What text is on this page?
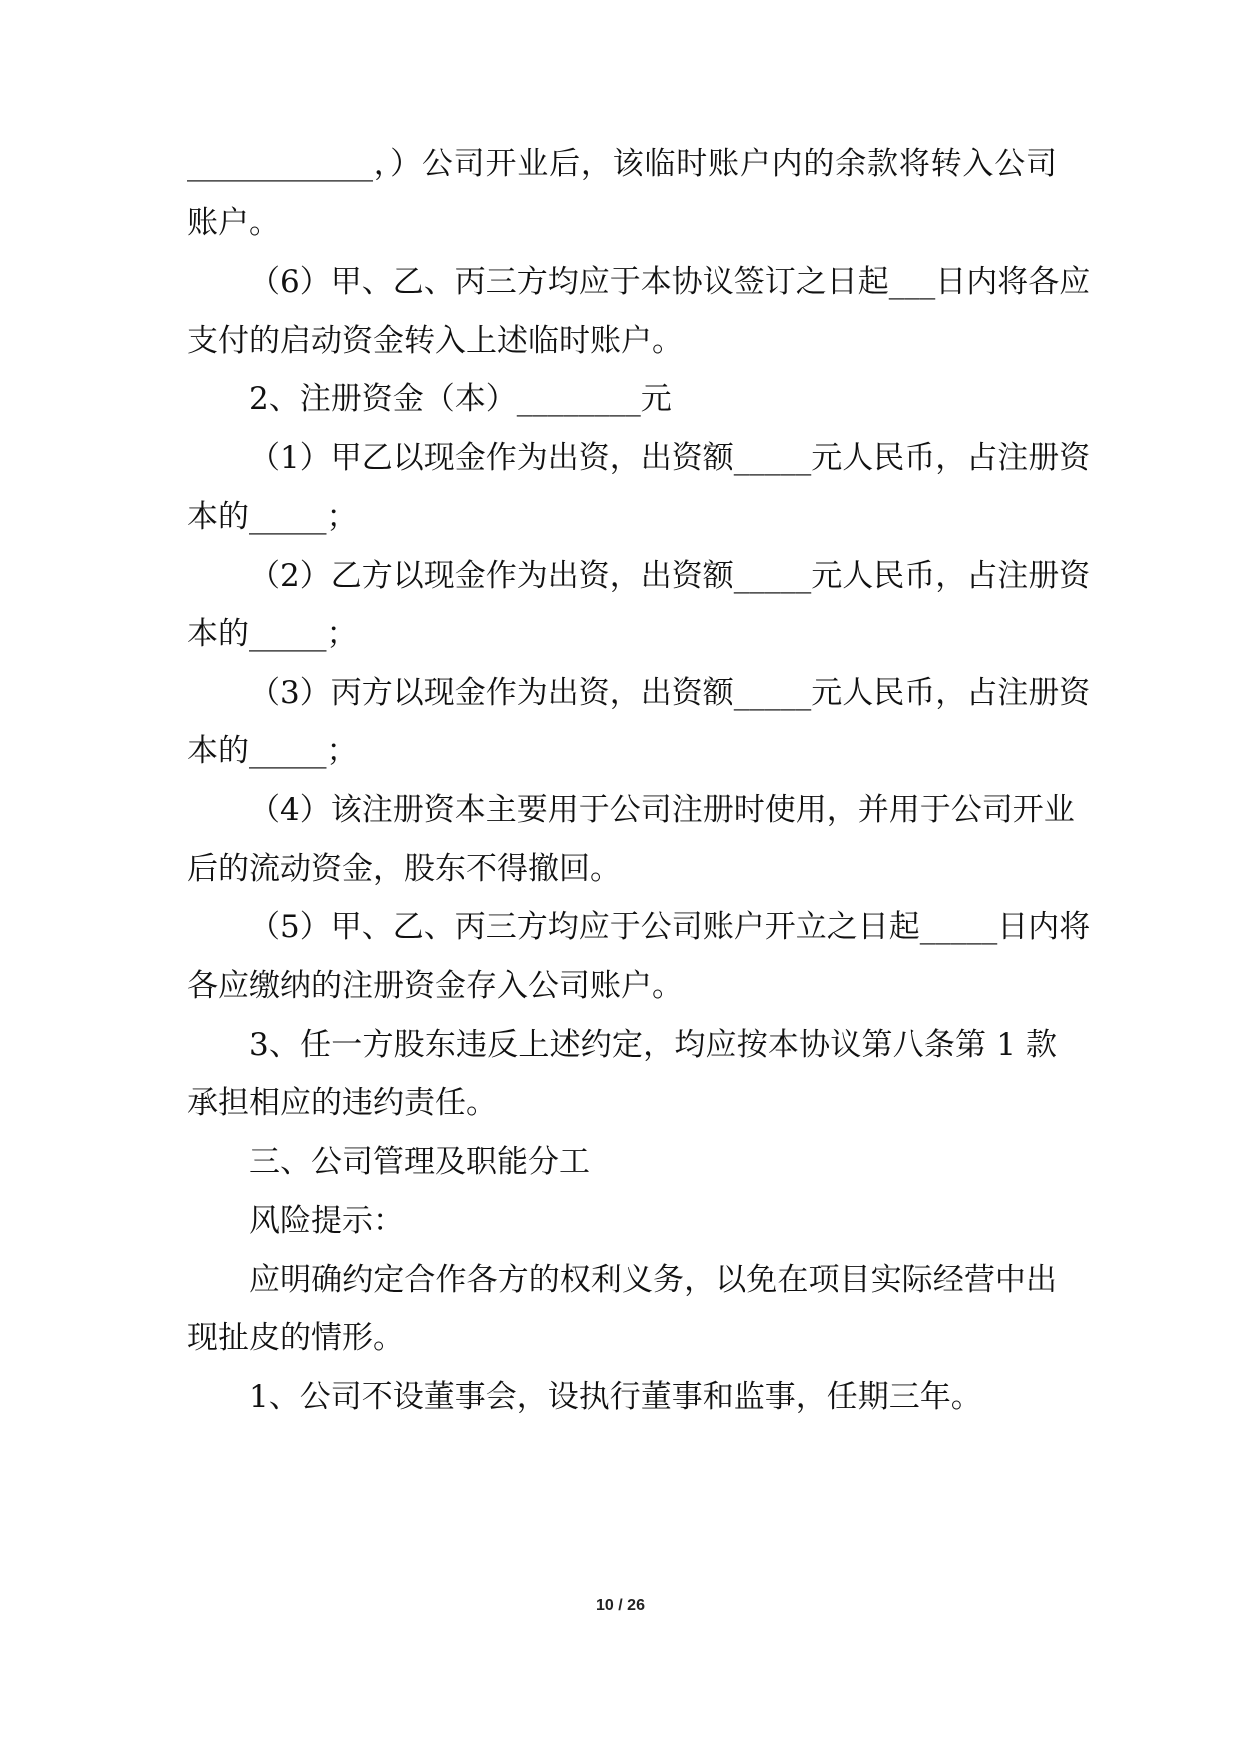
____________，）公司开业后，该临时账户内的余款将转入公司
账户。
（6）甲、乙、丙三方均应于本协议签订之日起___日内将各应
支付的启动资金转入上述临时账户。
2、注册资金（本）________元
（1）甲乙以现金作为出资，出资额_____元人民币，占注册资
本的_____；
（2）乙方以现金作为出资，出资额_____元人民币，占注册资
本的_____；
（3）丙方以现金作为出资，出资额_____元人民币，占注册资
本的_____；
（4）该注册资本主要用于公司注册时使用，并用于公司开业
后的流动资金，股东不得撤回。
（5）甲、乙、丙三方均应于公司账户开立之日起_____日内将
各应缴纳的注册资金存入公司账户。
3、任一方股东违反上述约定，均应按本协议第八条第 1 款
承担相应的违约责任。
三、公司管理及职能分工
风险提示：
应明确约定合作各方的权利义务，以免在项目实际经营中出
现扯皮的情形。
1、公司不设董事会，设执行董事和监事，任期三年。
10 / 26
